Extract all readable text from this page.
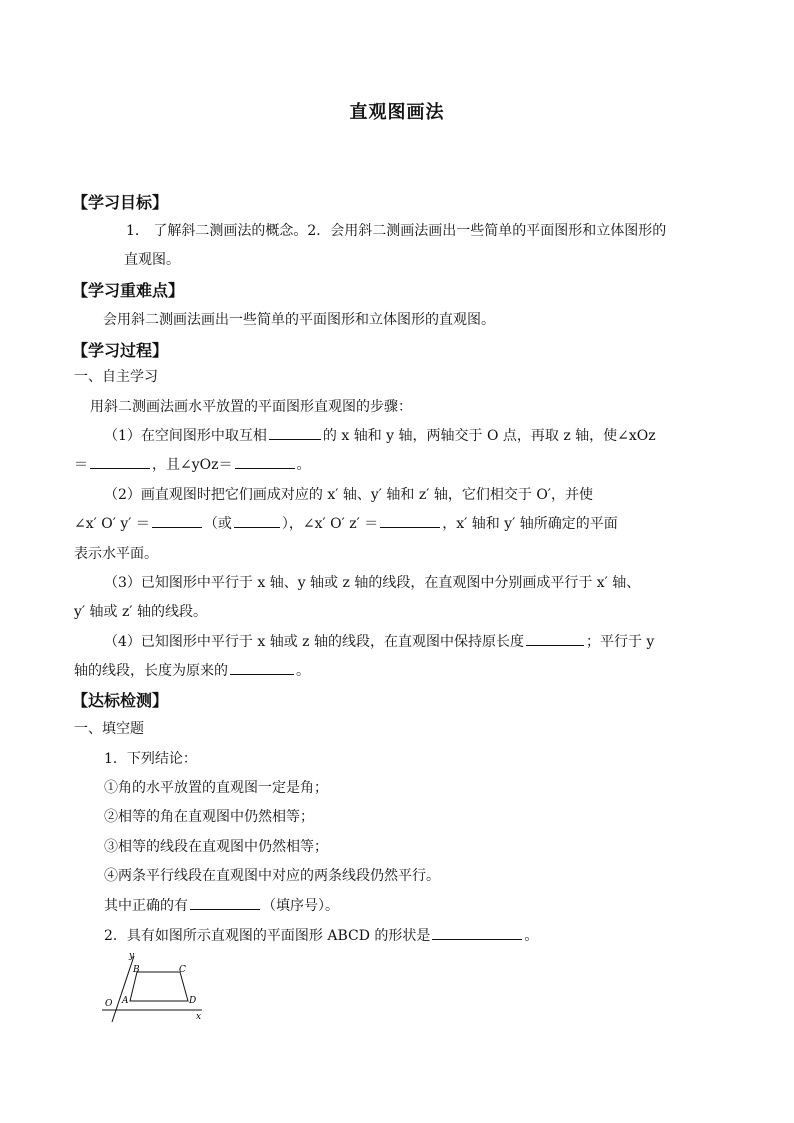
直观图画法
【学习目标】
1． 了解斜二测画法的概念。2．会用斜二测画法画出一些简单的平面图形和立体图形的
直观图。
【学习重难点】
会用斜二测画法画出一些简单的平面图形和立体图形的直观图。
【学习过程】
一、自主学习
用斜二测画法画水平放置的平面图形直观图的步骤：
（1）在空间图形中取互相	的 x 轴和 y 轴，两轴交于 O 点，再取 z 轴，使∠xOz
＝	，且∠yOz＝	。
（2）画直观图时把它们画成对应的 x′ 轴、y′ 轴和 z′ 轴，它们相交于 O′，并使
∠x′ O′ y′ ＝	（或	），∠x′ O′ z′ ＝	，x′ 轴和 y′ 轴所确定的平面
表示水平面。
（3）已知图形中平行于 x 轴、y 轴或 z 轴的线段，在直观图中分别画成平行于 x′ 轴、
y′ 轴或 z′ 轴的线段。
（4）已知图形中平行于 x 轴或 z 轴的线段，在直观图中保持原长度	；平行于 y
轴的线段，长度为原来的	。
【达标检测】
一、填空题
1．下列结论：
①角的水平放置的直观图一定是角；
②相等的角在直观图中仍然相等；
③相等的线段在直观图中仍然相等；
④两条平行线段在直观图中对应的两条线段仍然平行。
其中正确的有	（填序号）。
2．具有如图所示直观图的平面图形 ABCD 的形状是	。
y
B	C
O A	D
x
